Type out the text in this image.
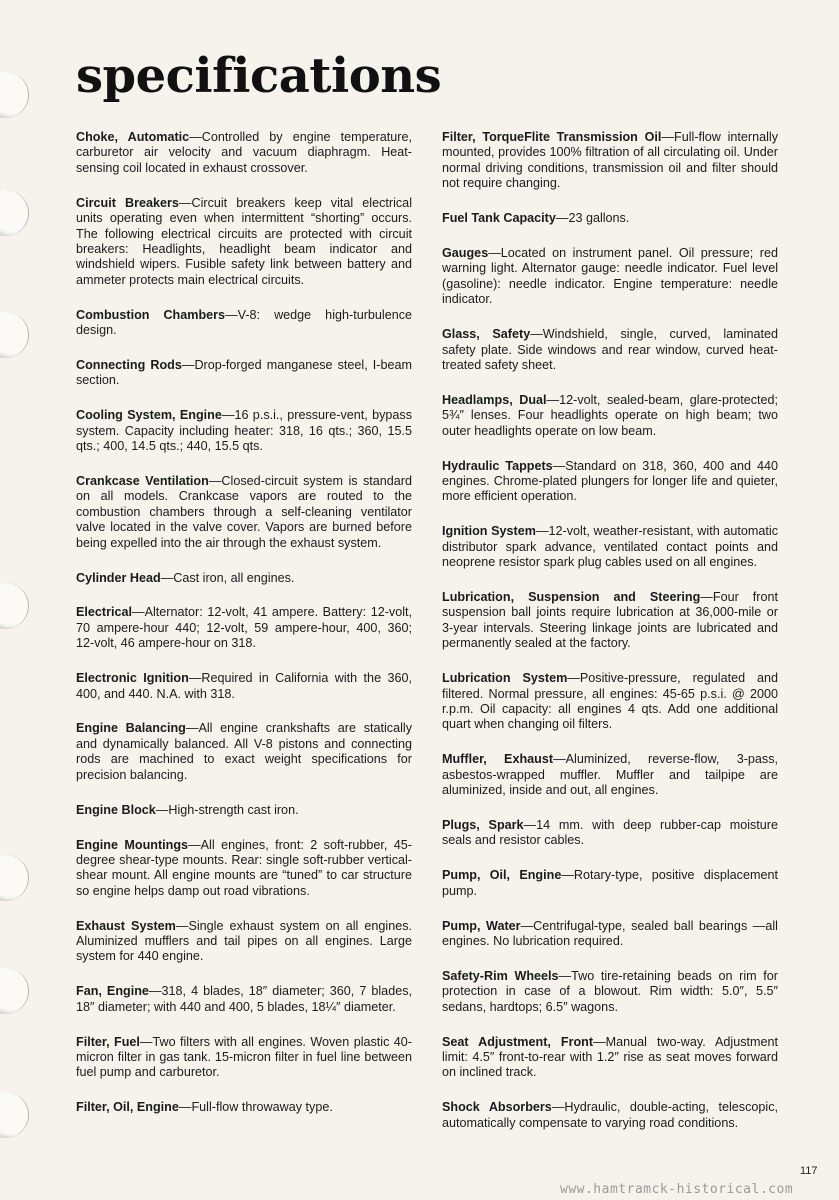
specifications

Choke, Automatic—Controlled by engine temperature, carburetor air velocity and vacuum diaphragm. Heat-sensing coil located in exhaust crossover.

Circuit Breakers—Circuit breakers keep vital electrical units operating even when intermittent “shorting” occurs. The following electrical circuits are protected with circuit breakers: Headlights, headlight beam indicator and windshield wipers. Fusible safety link between battery and ammeter protects main electrical circuits.

Combustion Chambers—V-8: wedge high-turbulence design.

Connecting Rods—Drop-forged manganese steel, I-beam section.

Cooling System, Engine—16 p.s.i., pressure-vent, bypass system. Capacity including heater: 318, 16 qts.; 360, 15.5 qts.; 400, 14.5 qts.; 440, 15.5 qts.

Crankcase Ventilation—Closed-circuit system is standard on all models. Crankcase vapors are routed to the combustion chambers through a self-cleaning ventilator valve located in the valve cover. Vapors are burned before being expelled into the air through the exhaust system.

Cylinder Head—Cast iron, all engines.

Electrical—Alternator: 12-volt, 41 ampere. Battery: 12-volt, 70 ampere-hour 440; 12-volt, 59 ampere-hour, 400, 360; 12-volt, 46 ampere-hour on 318.

Electronic Ignition—Required in California with the 360, 400, and 440. N.A. with 318.

Engine Balancing—All engine crankshafts are statically and dynamically balanced. All V-8 pistons and connecting rods are machined to exact weight specifications for precision balancing.

Engine Block—High-strength cast iron.

Engine Mountings—All engines, front: 2 soft-rubber, 45-degree shear-type mounts. Rear: single soft-rubber vertical-shear mount. All engine mounts are “tuned” to car structure so engine helps damp out road vibrations.

Exhaust System—Single exhaust system on all engines. Aluminized mufflers and tail pipes on all engines. Large system for 440 engine.

Fan, Engine—318, 4 blades, 18″ diameter; 360, 7 blades, 18″ diameter; with 440 and 400, 5 blades, 18¼″ diameter.

Filter, Fuel—Two filters with all engines. Woven plastic 40-micron filter in gas tank. 15-micron filter in fuel line between fuel pump and carburetor.

Filter, Oil, Engine—Full-flow throwaway type.

Filter, TorqueFlite Transmission Oil—Full-flow internally mounted, provides 100% filtration of all circulating oil. Under normal driving conditions, transmission oil and filter should not require changing.

Fuel Tank Capacity—23 gallons.

Gauges—Located on instrument panel. Oil pressure; red warning light. Alternator gauge: needle indicator. Fuel level (gasoline): needle indicator. Engine temperature: needle indicator.

Glass, Safety—Windshield, single, curved, laminated safety plate. Side windows and rear window, curved heat-treated safety sheet.

Headlamps, Dual—12-volt, sealed-beam, glare-protected; 5¾″ lenses. Four headlights operate on high beam; two outer headlights operate on low beam.

Hydraulic Tappets—Standard on 318, 360, 400 and 440 engines. Chrome-plated plungers for longer life and quieter, more efficient operation.

Ignition System—12-volt, weather-resistant, with automatic distributor spark advance, ventilated contact points and neoprene resistor spark plug cables used on all engines.

Lubrication, Suspension and Steering—Four front suspension ball joints require lubrication at 36,000-mile or 3-year intervals. Steering linkage joints are lubricated and permanently sealed at the factory.

Lubrication System—Positive-pressure, regulated and filtered. Normal pressure, all engines: 45-65 p.s.i. @ 2000 r.p.m. Oil capacity: all engines 4 qts. Add one additional quart when changing oil filters.

Muffler, Exhaust—Aluminized, reverse-flow, 3-pass, asbestos-wrapped muffler. Muffler and tailpipe are aluminized, inside and out, all engines.

Plugs, Spark—14 mm. with deep rubber-cap moisture seals and resistor cables.

Pump, Oil, Engine—Rotary-type, positive displacement pump.

Pump, Water—Centrifugal-type, sealed ball bearings —all engines. No lubrication required.

Safety-Rim Wheels—Two tire-retaining beads on rim for protection in case of a blowout. Rim width: 5.0″, 5.5″ sedans, hardtops; 6.5″ wagons.

Seat Adjustment, Front—Manual two-way. Adjustment limit: 4.5″ front-to-rear with 1.2″ rise as seat moves forward on inclined track.

Shock Absorbers—Hydraulic, double-acting, telescopic, automatically compensate to varying road conditions.

117
www.hamtramck-historical.com
